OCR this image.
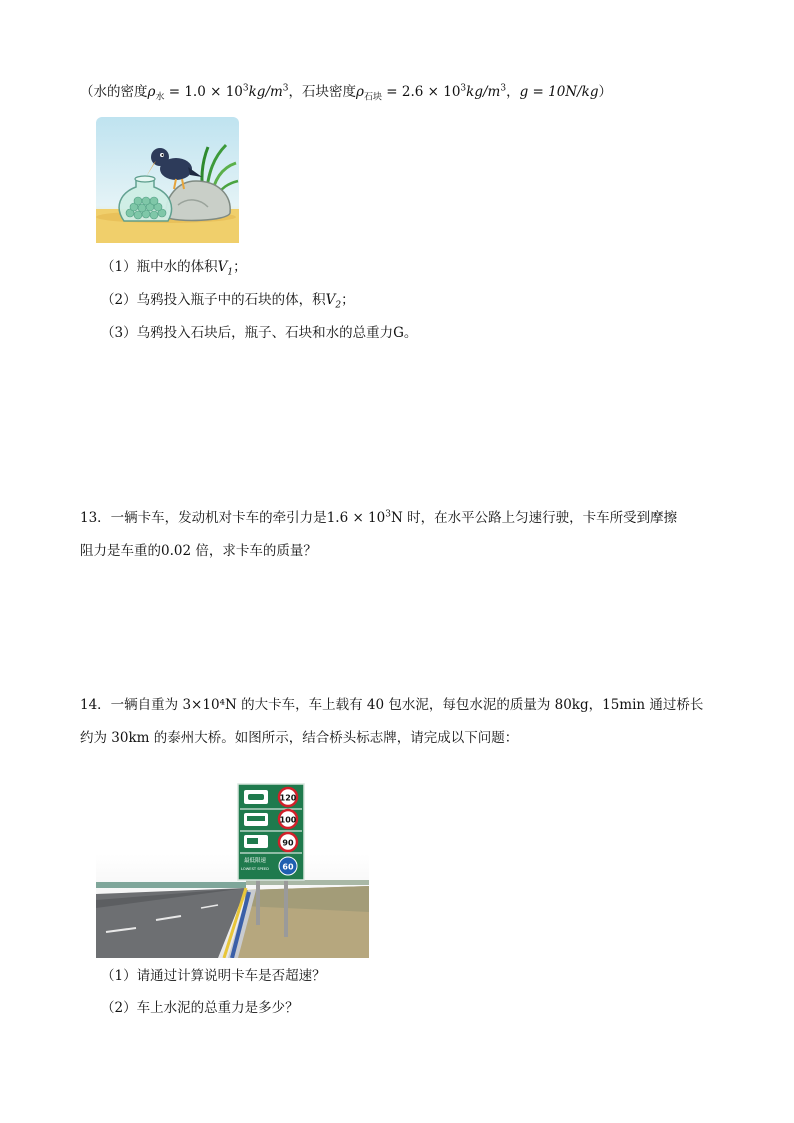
（水的密度$\rho_水 = 1.0 \times 10^3kg/m^3$，石块密度$\rho_{石块} = 2.6 \times 10^3kg/m^3$，g = 10N/kg）
（1）瓶中水的体积$V_1$；
（2）乌鸦投入瓶子中的石块的体，积$V_2$；
（3）乌鸦投入石块后，瓶子、石块和水的总重力G。
13．一辆卡车，发动机对卡车的牵引力是$1.6 \times 10^3N$ 时，在水平公路上匀速行驶，卡车所受到摩擦
阻力是车重的0.02 倍，求卡车的质量？
14．一辆自重为 3×10⁴N 的大卡车，车上载有 40 包水泥，每包水泥的质量为 80kg，15min 通过桥长
约为 30km 的泰州大桥。如图所示，结合桥头标志牌，请完成以下问题：
120
100
90
最低限速
LOWEST SPEED 60
（1）请通过计算说明卡车是否超速？
（2）车上水泥的总重力是多少？
